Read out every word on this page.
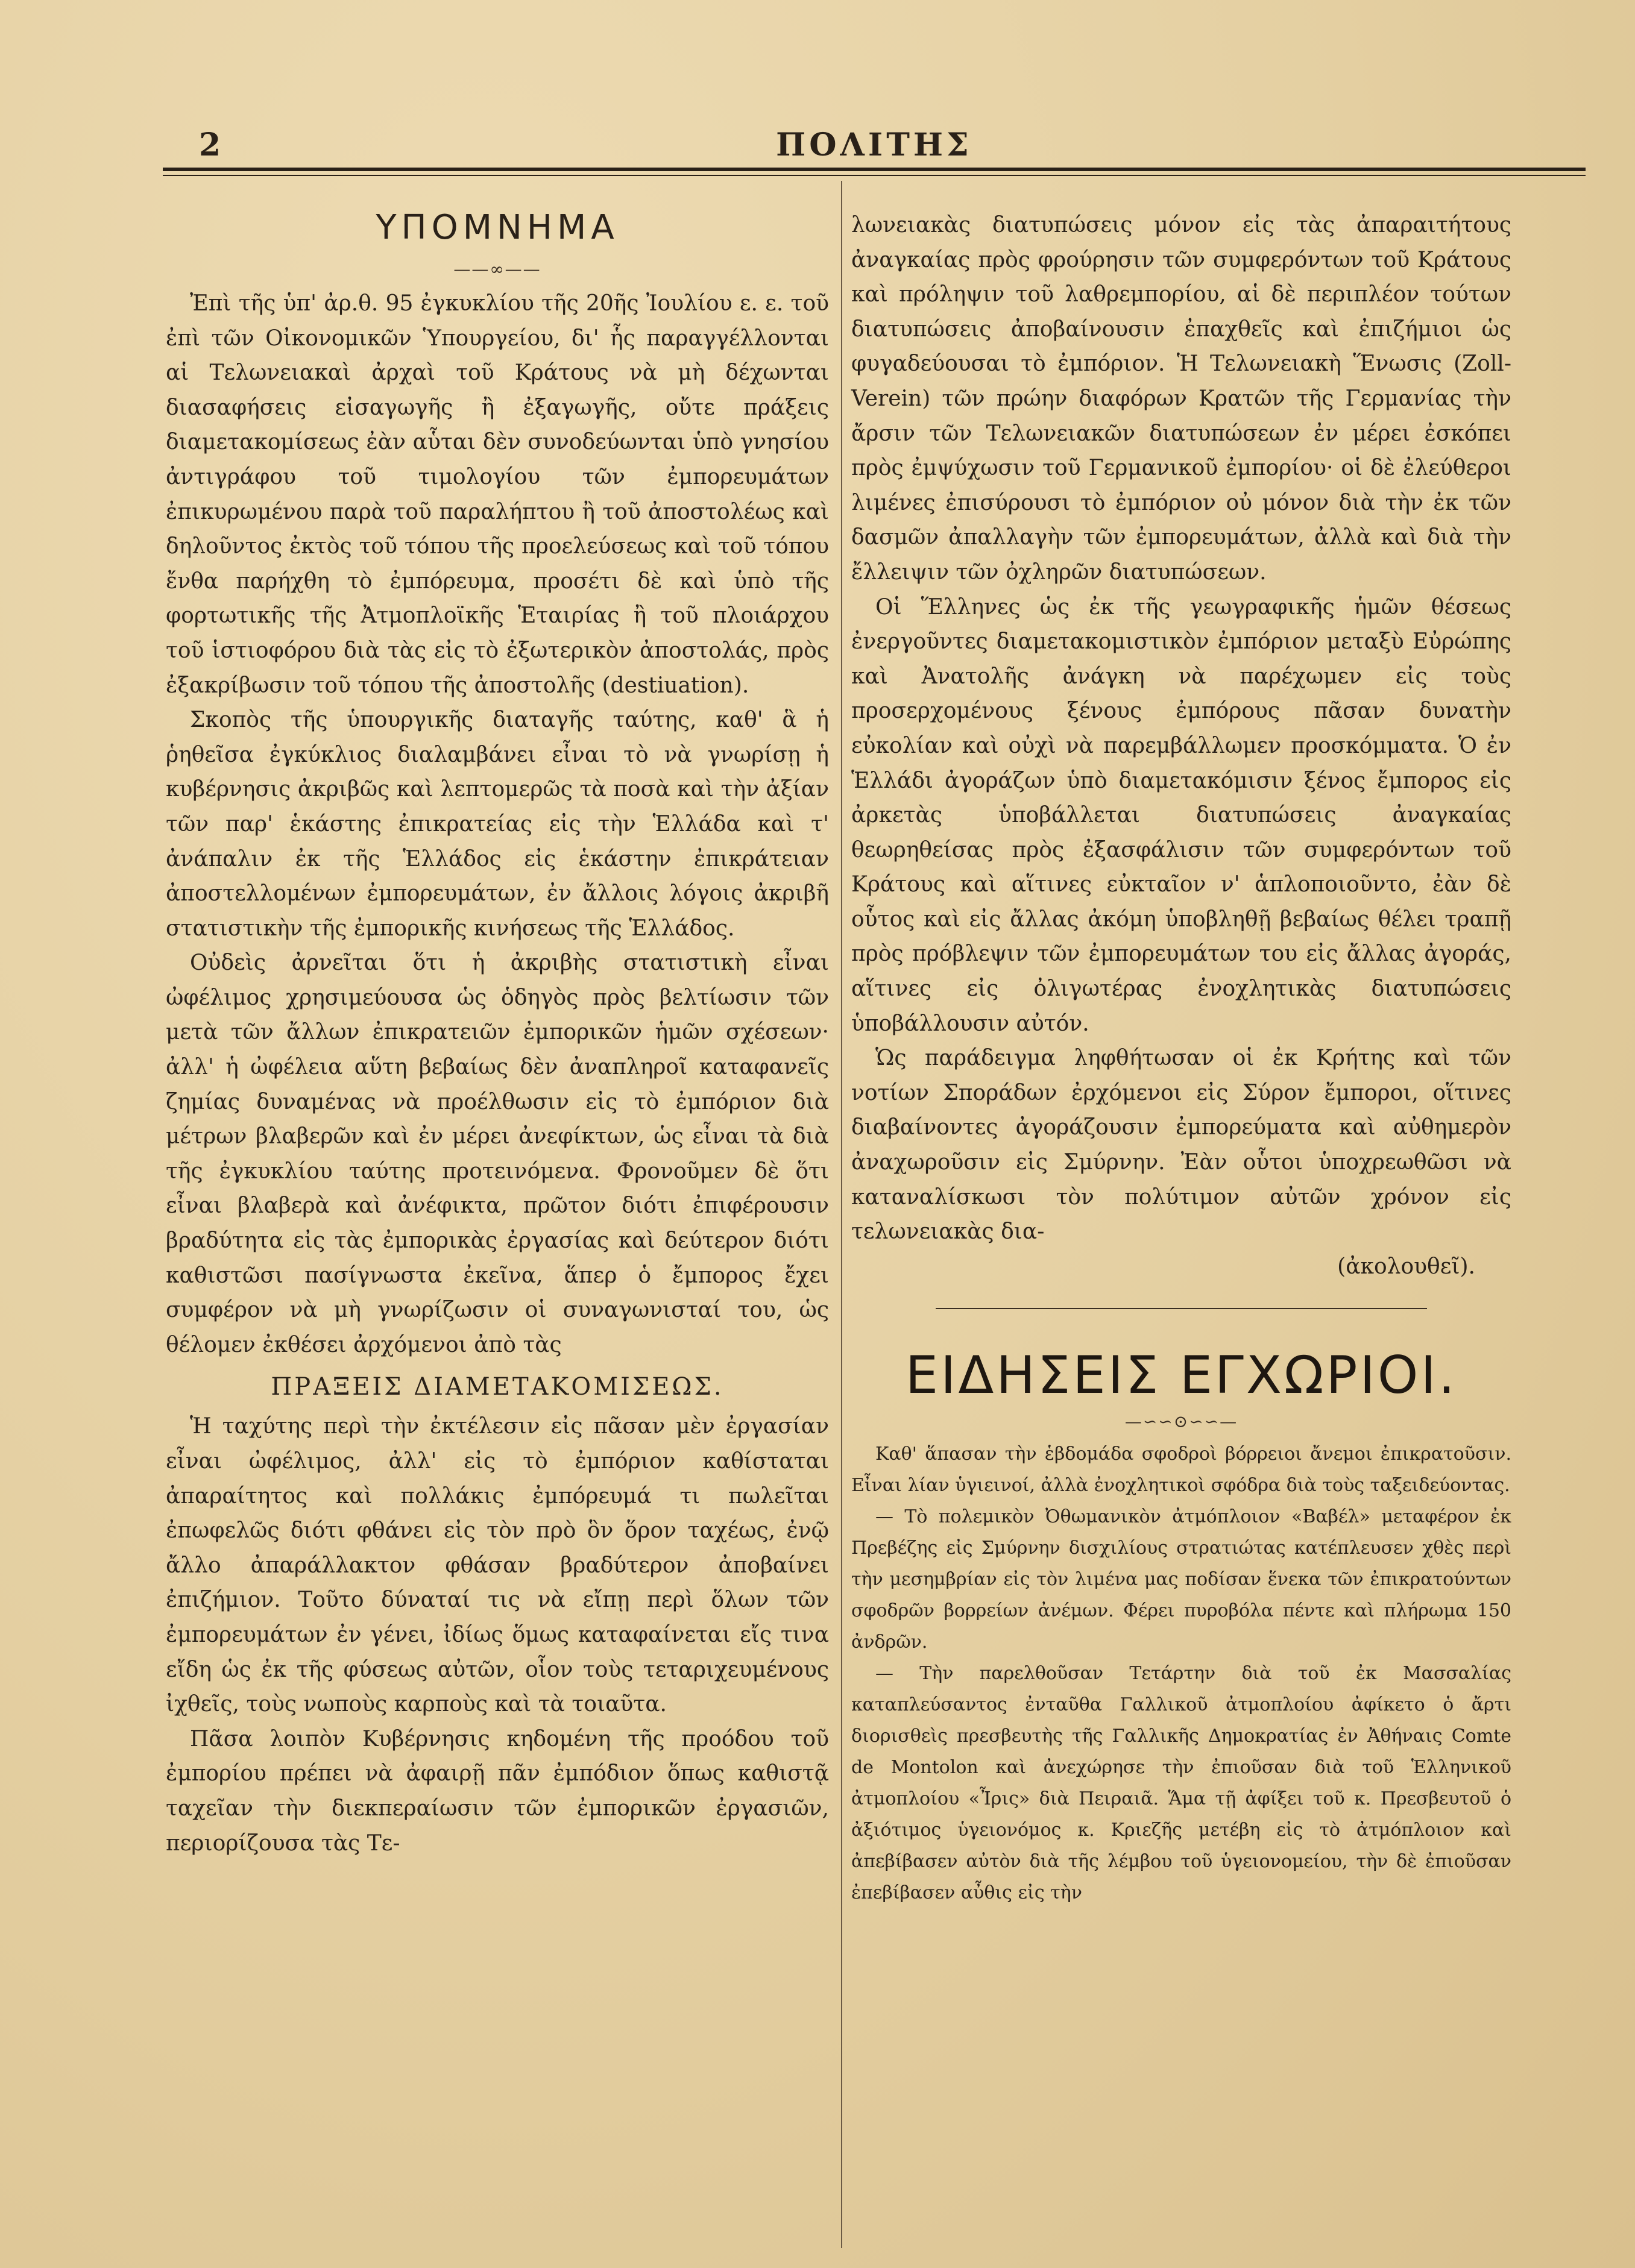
2	ΠΟΛΙΤΗΣ
ΥΠΟΜΝΗΜΑ
——∞——

Ἐπὶ τῆς ὑπ' ἀρ.θ. 95 ἐγκυκλίου τῆς 20ῆς Ἰουλίου ε. ε. τοῦ ἐπὶ τῶν Οἰκονομικῶν Ὑπουργείου, δι' ἧς παραγγέλλονται αἱ Τελωνειακαὶ ἀρχαὶ τοῦ Κράτους νὰ μὴ δέχωνται διασαφήσεις εἰσαγωγῆς ἢ ἐξαγωγῆς, οὔτε πράξεις διαμετακομίσεως ἐὰν αὗται δὲν συνοδεύωνται ὑπὸ γνησίου ἀντιγράφου τοῦ τιμολογίου τῶν ἐμπορευμάτων ἐπικυρωμένου παρὰ τοῦ παραλήπτου ἢ τοῦ ἀποστολέως καὶ δηλοῦντος ἐκτὸς τοῦ τόπου τῆς προελεύσεως καὶ τοῦ τόπου ἔνθα παρήχθη τὸ ἐμπόρευμα, προσέτι δὲ καὶ ὑπὸ τῆς φορτωτικῆς τῆς Ἀτμοπλοϊκῆς Ἑταιρίας ἢ τοῦ πλοιάρχου τοῦ ἱστιοφόρου διὰ τὰς εἰς τὸ ἐξωτερικὸν ἀποστολάς, πρὸς ἐξακρίβωσιν τοῦ τόπου τῆς ἀποστολῆς (destiuation).

Σκοπὸς τῆς ὑπουργικῆς διαταγῆς ταύτης, καθ' ἃ ἡ ῥηθεῖσα ἐγκύκλιος διαλαμβάνει εἶναι τὸ νὰ γνωρίσῃ ἡ κυβέρνησις ἀκριβῶς καὶ λεπτομερῶς τὰ ποσὰ καὶ τὴν ἀξίαν τῶν παρ' ἑκάστης ἐπικρατείας εἰς τὴν Ἑλλάδα καὶ τ' ἀνάπαλιν ἐκ τῆς Ἑλλάδος εἰς ἑκάστην ἐπικράτειαν ἀποστελλομένων ἐμπορευμάτων, ἐν ἄλλοις λόγοις ἀκριβῆ στατιστικὴν τῆς ἐμπορικῆς κινήσεως τῆς Ἑλλάδος.

Οὐδεὶς ἀρνεῖται ὅτι ἡ ἀκριβὴς στατιστικὴ εἶναι ὠφέλιμος χρησιμεύουσα ὡς ὁδηγὸς πρὸς βελτίωσιν τῶν μετὰ τῶν ἄλλων ἐπικρατειῶν ἐμπορικῶν ἡμῶν σχέσεων· ἀλλ' ἡ ὠφέλεια αὕτη βεβαίως δὲν ἀναπληροῖ καταφανεῖς ζημίας δυναμένας νὰ προέλθωσιν εἰς τὸ ἐμπόριον διὰ μέτρων βλαβερῶν καὶ ἐν μέρει ἀνεφίκτων, ὡς εἶναι τὰ διὰ τῆς ἐγκυκλίου ταύτης προτεινόμενα. Φρονοῦμεν δὲ ὅτι εἶναι βλαβερὰ καὶ ἀνέφικτα, πρῶτον διότι ἐπιφέρουσιν βραδύτητα εἰς τὰς ἐμπορικὰς ἐργασίας καὶ δεύτερον διότι καθιστῶσι πασίγνωστα ἐκεῖνα, ἅπερ ὁ ἔμπορος ἔχει συμφέρον νὰ μὴ γνωρίζωσιν οἱ συναγωνισταί του, ὡς θέλομεν ἐκθέσει ἀρχόμενοι ἀπὸ τὰς

ΠΡΑΞΕΙΣ ΔΙΑΜΕΤΑΚΟΜΙΣΕΩΣ.

Ἡ ταχύτης περὶ τὴν ἐκτέλεσιν εἰς πᾶσαν μὲν ἐργασίαν εἶναι ὠφέλιμος, ἀλλ' εἰς τὸ ἐμπόριον καθίσταται ἀπαραίτητος καὶ πολλάκις ἐμπόρευμά τι πωλεῖται ἐπωφελῶς διότι φθάνει εἰς τὸν πρὸ ὃν ὅρον ταχέως, ἐνῷ ἄλλο ἀπαράλλακτον φθάσαν βραδύτερον ἀποβαίνει ἐπιζήμιον. Τοῦτο δύναταί τις νὰ εἴπῃ περὶ ὅλων τῶν ἐμπορευμάτων ἐν γένει, ἰδίως ὅμως καταφαίνεται εἴς τινα εἴδη ὡς ἐκ τῆς φύσεως αὐτῶν, οἷον τοὺς τεταριχευμένους ἰχθεῖς, τοὺς νωποὺς καρποὺς καὶ τὰ τοιαῦτα.

Πᾶσα λοιπὸν Κυβέρνησις κηδομένη τῆς προόδου τοῦ ἐμπορίου πρέπει νὰ ἀφαιρῇ πᾶν ἐμπόδιον ὅπως καθιστᾷ ταχεῖαν τὴν διεκπεραίωσιν τῶν ἐμπορικῶν ἐργασιῶν, περιορίζουσα τὰς Τε-

λωνειακὰς διατυπώσεις μόνον εἰς τὰς ἀπαραιτήτους ἀναγκαίας πρὸς φρούρησιν τῶν συμφερόντων τοῦ Κράτους καὶ πρόληψιν τοῦ λαθρεμπορίου, αἱ δὲ περιπλέον τούτων διατυπώσεις ἀποβαίνουσιν ἐπαχθεῖς καὶ ἐπιζήμιοι ὡς φυγαδεύουσαι τὸ ἐμπόριον. Ἡ Τελωνειακὴ Ἕνωσις (Zoll-Verein) τῶν πρώην διαφόρων Κρατῶν τῆς Γερμανίας τὴν ἄρσιν τῶν Τελωνειακῶν διατυπώσεων ἐν μέρει ἐσκόπει πρὸς ἐμψύχωσιν τοῦ Γερμανικοῦ ἐμπορίου· οἱ δὲ ἐλεύθεροι λιμένες ἐπισύρουσι τὸ ἐμπόριον οὐ μόνον διὰ τὴν ἐκ τῶν δασμῶν ἀπαλλαγὴν τῶν ἐμπορευμάτων, ἀλλὰ καὶ διὰ τὴν ἔλλειψιν τῶν ὀχληρῶν διατυπώσεων.

Οἱ Ἕλληνες ὡς ἐκ τῆς γεωγραφικῆς ἡμῶν θέσεως ἐνεργοῦντες διαμετακομιστικὸν ἐμπόριον μεταξὺ Εὐρώπης καὶ Ἀνατολῆς ἀνάγκη νὰ παρέχωμεν εἰς τοὺς προσερχομένους ξένους ἐμπόρους πᾶσαν δυνατὴν εὐκολίαν καὶ οὐχὶ νὰ παρεμβάλλωμεν προσκόμματα. Ὁ ἐν Ἑλλάδι ἀγοράζων ὑπὸ διαμετακόμισιν ξένος ἔμπορος εἰς ἀρκετὰς ὑποβάλλεται διατυπώσεις ἀναγκαίας θεωρηθείσας πρὸς ἐξασφάλισιν τῶν συμφερόντων τοῦ Κράτους καὶ αἵτινες εὐκταῖον ν' ἁπλοποιοῦντο, ἐὰν δὲ οὗτος καὶ εἰς ἄλλας ἀκόμη ὑποβληθῇ βεβαίως θέλει τραπῇ πρὸς πρόβλεψιν τῶν ἐμπορευμάτων του εἰς ἄλλας ἀγοράς, αἵτινες εἰς ὀλιγωτέρας ἐνοχλητικὰς διατυπώσεις ὑποβάλλουσιν αὐτόν.

Ὡς παράδειγμα ληφθήτωσαν οἱ ἐκ Κρήτης καὶ τῶν νοτίων Σποράδων ἐρχόμενοι εἰς Σύρον ἔμποροι, οἵτινες διαβαίνοντες ἀγοράζουσιν ἐμπορεύματα καὶ αὐθημερὸν ἀναχωροῦσιν εἰς Σμύρνην. Ἐὰν οὗτοι ὑποχρεωθῶσι νὰ καταναλίσκωσι τὸν πολύτιμον αὐτῶν χρόνον εἰς τελωνειακὰς δια-

(ἀκολουθεῖ).
ΕΙΔΗΣΕΙΣ ΕΓΧΩΡΙΟΙ.
—∽∽⊙∽∽—

Καθ' ἅπασαν τὴν ἑβδομάδα σφοδροὶ βόρρειοι ἄνεμοι ἐπικρατοῦσιν. Εἶναι λίαν ὑγιεινοί, ἀλλὰ ἐνοχλητικοὶ σφόδρα διὰ τοὺς ταξειδεύοντας.

— Τὸ πολεμικὸν Ὀθωμανικὸν ἀτμόπλοιον «Βαβέλ» μεταφέρον ἐκ Πρεβέζης εἰς Σμύρνην δισχιλίους στρατιώτας κατέπλευσεν χθὲς περὶ τὴν μεσημβρίαν εἰς τὸν λιμένα μας ποδίσαν ἕνεκα τῶν ἐπικρατούντων σφοδρῶν βορρείων ἀνέμων. Φέρει πυροβόλα πέντε καὶ πλήρωμα 150 ἀνδρῶν.

— Τὴν παρελθοῦσαν Τετάρτην διὰ τοῦ ἐκ Μασσαλίας καταπλεύσαντος ἐνταῦθα Γαλλικοῦ ἀτμοπλοίου ἀφίκετο ὁ ἄρτι διορισθεὶς πρεσβευτὴς τῆς Γαλλικῆς Δημοκρατίας ἐν Ἀθήναις Comte de Montolon καὶ ἀνεχώρησε τὴν ἐπιοῦσαν διὰ τοῦ Ἑλληνικοῦ ἀτμοπλοίου «Ἶρις» διὰ Πειραιᾶ. Ἅμα τῇ ἀφίξει τοῦ κ. Πρεσβευτοῦ ὁ ἀξιότιμος ὑγειονόμος κ. Κριεζῆς μετέβη εἰς τὸ ἀτμόπλοιον καὶ ἀπεβίβασεν αὐτὸν διὰ τῆς λέμβου τοῦ ὑγειονομείου, τὴν δὲ ἐπιοῦσαν ἐπεβίβασεν αὖθις εἰς τὴν
